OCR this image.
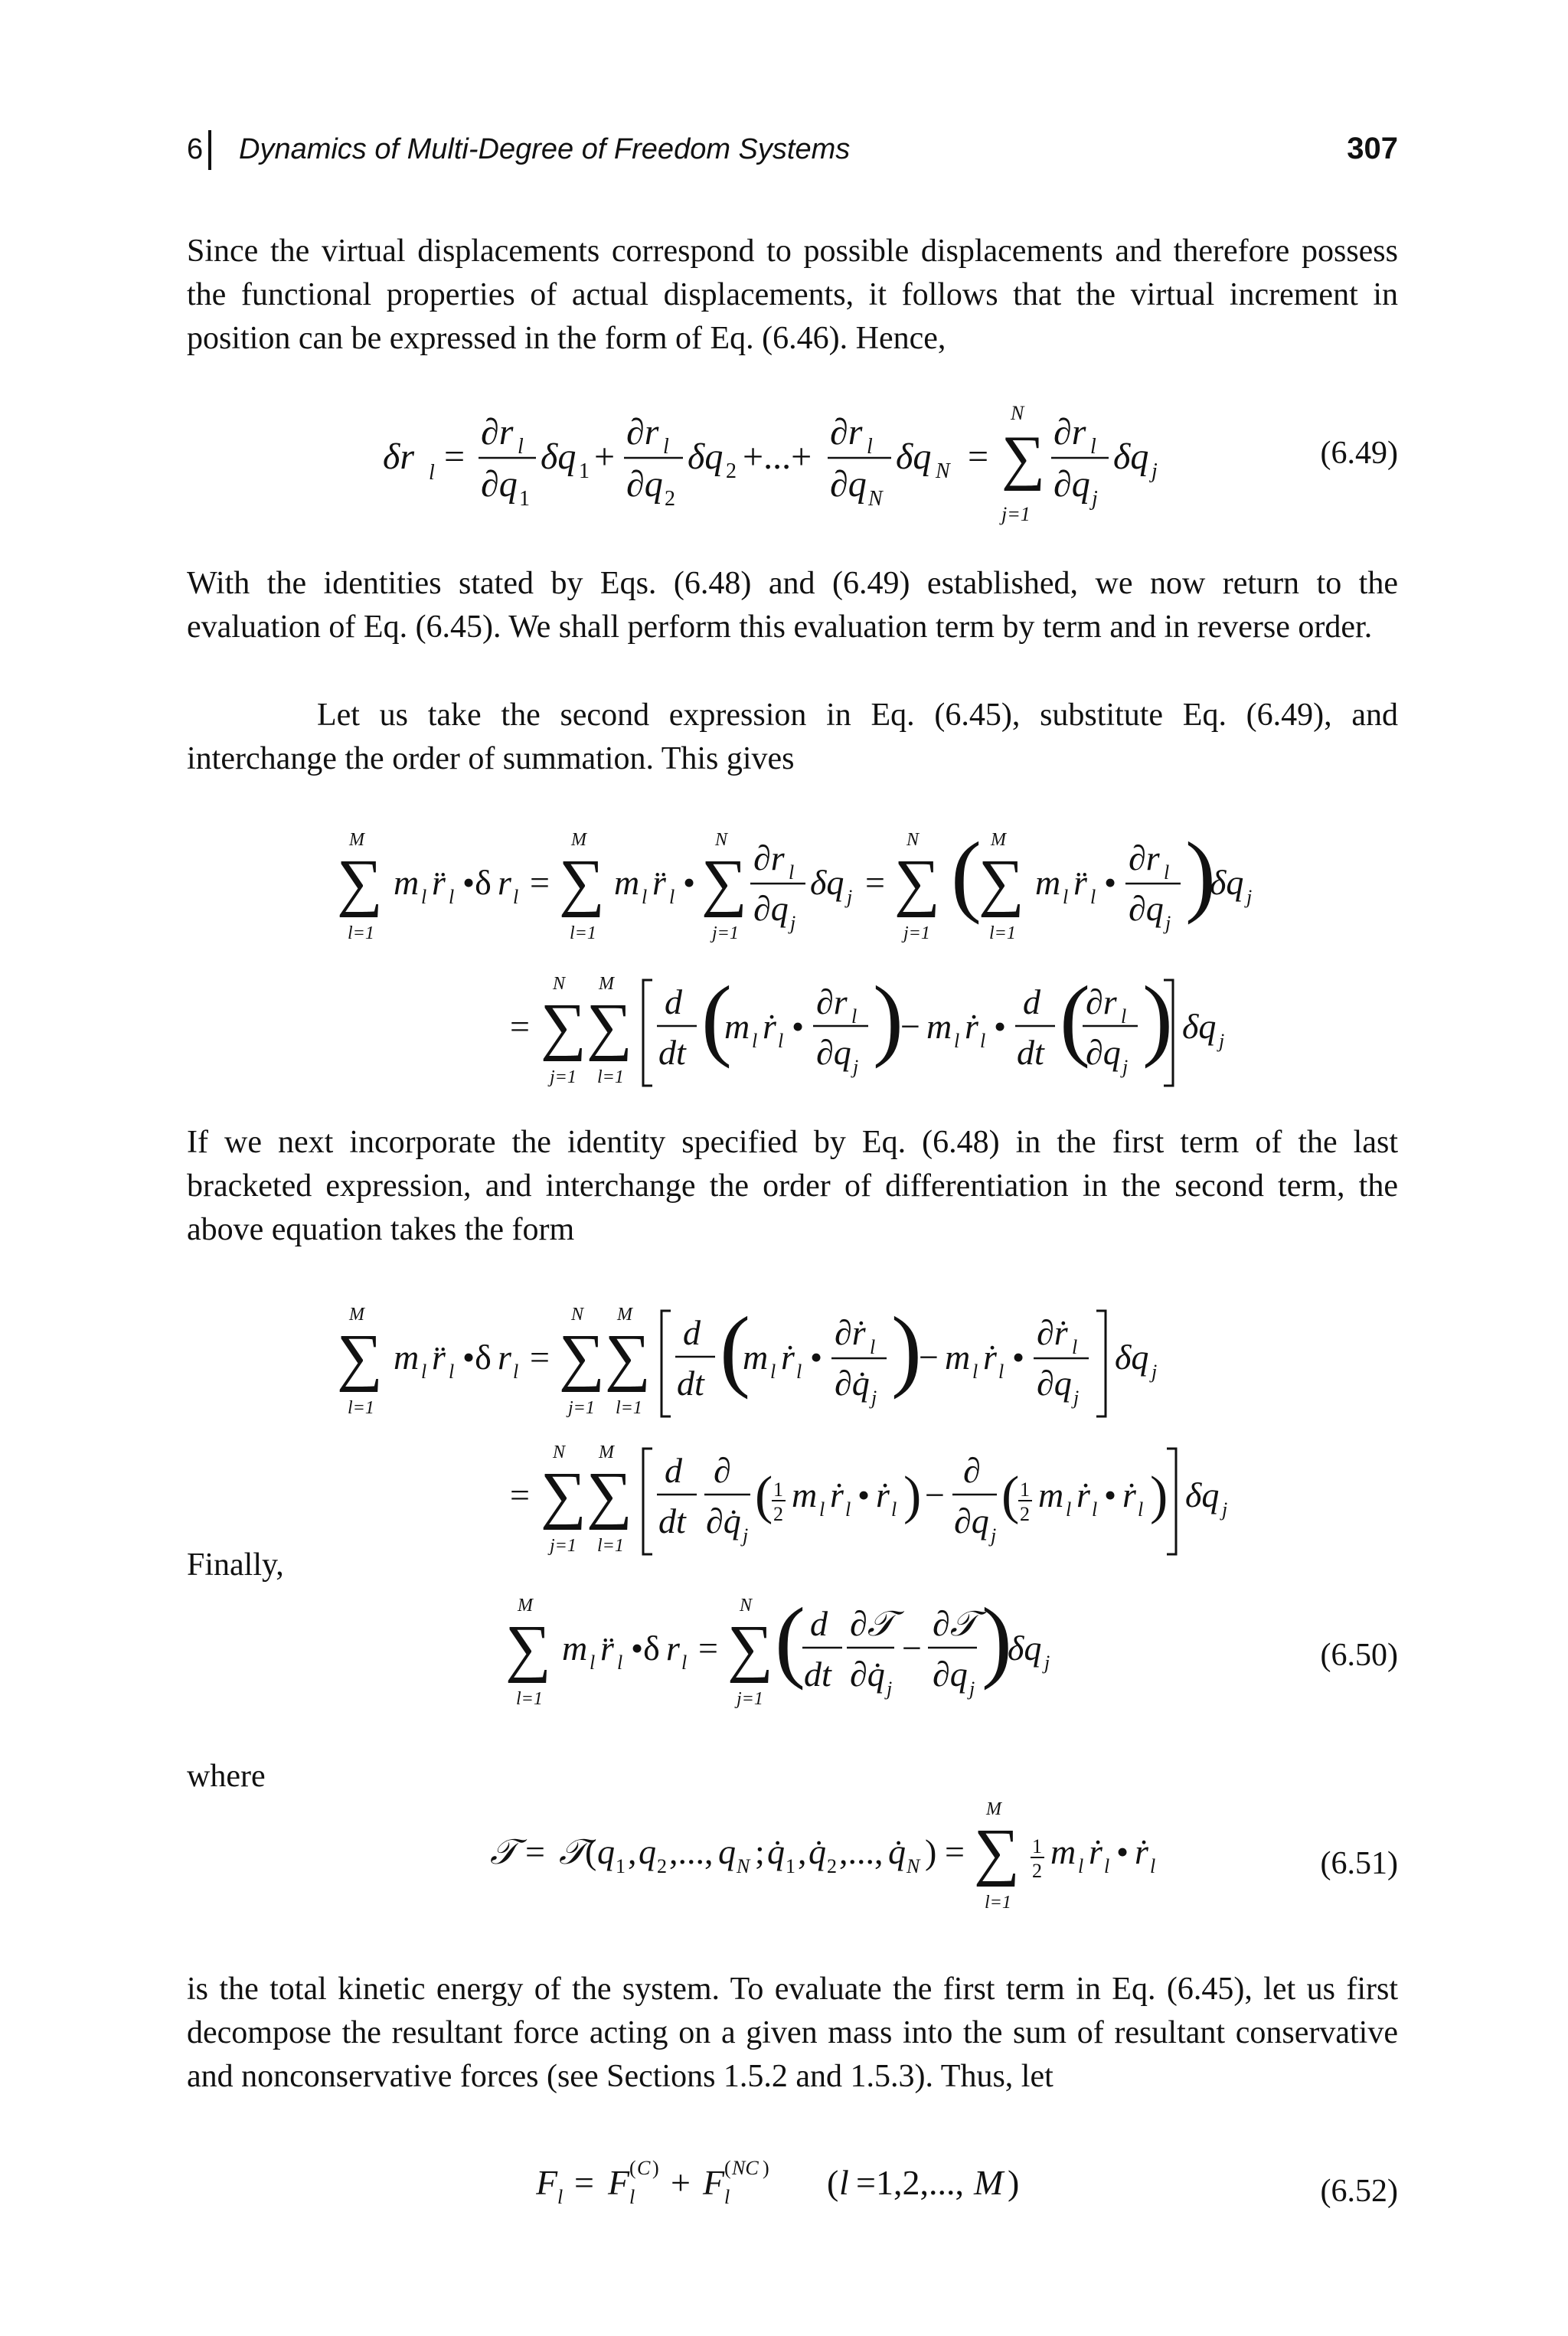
6 Dynamics of Multi-Degree of Freedom Systems	307

Since the virtual displacements correspond to possible displacements and therefore possess the functional properties of actual displacements, it follows that the virtual increment in position can be expressed in the form of Eq. (6.46). Hence,

δr l =
∂r l
∂q 1
δq 1 +
∂r l
∂q 2
δq 2 +...+
∂r l
∂q N
δq N = ∑
N
j=1
∂r l
∂q j
δq j
(6.49)

With the identities stated by Eqs. (6.48) and (6.49) established, we now return to the evaluation of Eq. (6.45). We shall perform this evaluation term by term and in reverse order.

Let us take the second expression in Eq. (6.45), substitute Eq. (6.49), and interchange the order of summation. This gives

∑
M
l=1
m l r̈ l •δ r l = ∑
M
l=1
m l r̈ l • ∑
N
j=1
∂r l
∂q j
δq j = ∑
N
j=1
(
∑
M
l=1
m l r̈ l •
∂r l
∂q j )
δq j
= ∑
N
j=1
∑
M
l=1
d
dt (
m l ṙ l •
∂r l
∂q j )
− m l ṙ l •
d
dt (
∂r l
∂q j ) δq j

If we next incorporate the identity specified by Eq. (6.48) in the first term of the last bracketed expression, and interchange the order of differentiation in the second term, the above equation takes the form

∑
M
l=1
m l r̈ l •δ r l = ∑
N
j=1
∑
M
l=1
d
dt (
m l ṙ l •
∂ṙ l
∂q̇ j )
− m l ṙ l •
∂ṙ l
∂q j
δq j
= ∑
N
j=1
∑
M
l=1
d
dt
∂
∂q̇ j
( 1
2 m l ṙ l • ṙ l ) −
∂
∂q j
( 1
2 m l ṙ l • ṙ l ) δq j
Finally,
∑
M
l=1
m l r̈ l •δ r l = ∑
N
j=1
( d
dt
∂𝒯
∂q̇ j
−
∂𝒯
∂q j )
δq j	(6.50)
where
𝒯 = 𝒯
( q 1 , q 2 ,..., q N ; q̇ 1 , q̇ 2 ,..., q̇ N ) = ∑
M
l=1
1
2 m l ṙ l • ṙ l	(6.51)

is the total kinetic energy of the system. To evaluate the first term in Eq. (6.45), let us first decompose the resultant force acting on a given mass into the sum of resultant conservative and nonconservative forces (see Sections 1.5.2 and 1.5.3). Thus, let

F l = F l
( C ) + F l
( NC ) ( l =1,2,..., M )	(6.52)
